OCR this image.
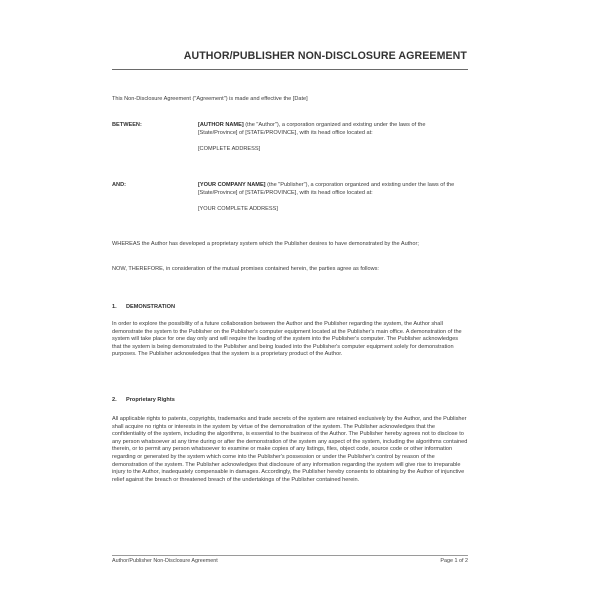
AUTHOR/PUBLISHER NON-DISCLOSURE AGREEMENT

This Non-Disclosure Agreement ("Agreement") is made and effective the [Date]

BETWEEN:	[AUTHOR NAME] (the "Author"), a corporation organized and existing under the laws of the [State/Province] of [STATE/PROVINCE], with its head office located at:

[COMPLETE ADDRESS]

AND:	[YOUR COMPANY NAME] (the "Publisher"), a corporation organized and existing under the laws of the [State/Province] of [STATE/PROVINCE], with its head office located at:

[YOUR COMPLETE ADDRESS]

WHEREAS the Author has developed a proprietary system which the Publisher desires to have demonstrated by the Author;

NOW, THEREFORE, in consideration of the mutual promises contained herein, the parties agree as follows:

1. DEMONSTRATION

In order to explore the possibility of a future collaboration between the Author and the Publisher regarding the system, the Author shall demonstrate the system to the Publisher on the Publisher's computer equipment located at the Publisher's main office. A demonstration of the system will take place for one day only and will require the loading of the system into the Publisher's computer. The Publisher acknowledges that the system is being demonstrated to the Publisher and being loaded into the Publisher's computer equipment solely for demonstration purposes. The Publisher acknowledges that the system is a proprietary product of the Author.

2. Proprietary Rights

All applicable rights to patents, copyrights, trademarks and trade secrets of the system are retained exclusively by the Author, and the Publisher shall acquire no rights or interests in the system by virtue of the demonstration of the system. The Publisher acknowledges that the confidentiality of the system, including the algorithms, is essential to the business of the Author. The Publisher hereby agrees not to disclose to any person whatsoever at any time during or after the demonstration of the system any aspect of the system, including the algorithms contained therein, or to permit any person whatsoever to examine or make copies of any listings, files, object code, source code or other information regarding or generated by the system which come into the Publisher's possession or under the Publisher's control by reason of the demonstration of the system. The Publisher acknowledges that disclosure of any information regarding the system will give rise to irreparable injury to the Author, inadequately compensable in damages. Accordingly, the Publisher hereby consents to obtaining by the Author of injunctive relief against the breach or threatened breach of the undertakings of the Publisher contained herein.

Author/Publisher Non-Disclosure Agreement	Page 1 of 2
